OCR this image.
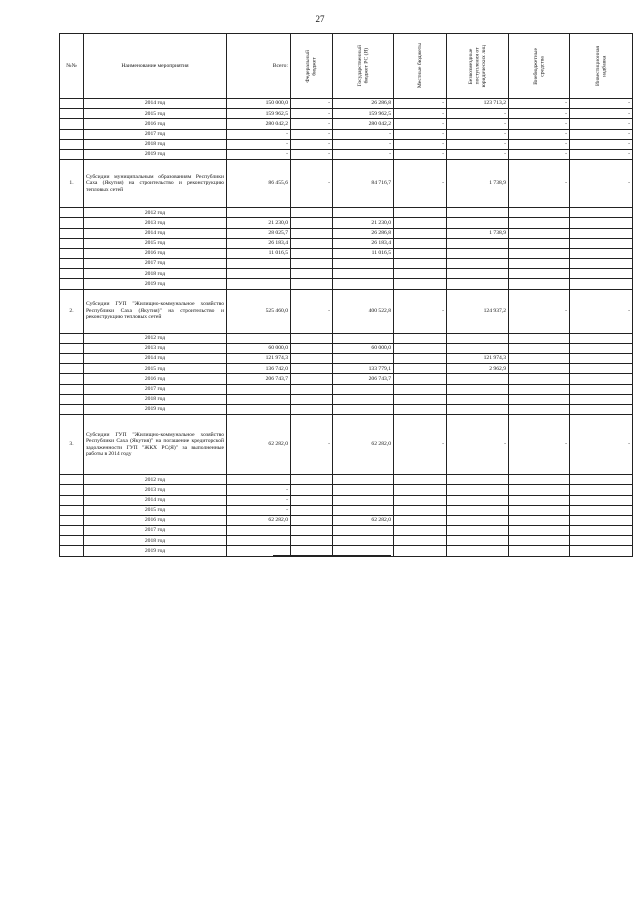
27
№№	Наименование мероприятия	Всего:	Федеральный
бюджет	Государственный
бюджет РС (Я)	Местные бюджеты	Безвозмездные
поступления от
юридических лиц	Внебюджетные
средства	Инвестиционная
надбавка

	2014 год	150 000,0	-	26 286,8	-	123 713,2	-	-
	2015 год	159 962,5	-	159 962,5	-	-	-	-
	2016 год	280 042,2	-	280 042,2	-	-	-	-
	2017 год	-	-	-	-	-	-	-
	2018 год	-	-	-	-	-	-	-
	2019 год	-	-	-	-	-	-	-
1.	Субсидии муниципальным образованиям Республики Саха (Якутия) на строительство и реконструкцию тепловых сетей	86 455,6	-	84 716,7	-	1 738,9	-	-
	2012 год							
	2013 год	21 230,0		21 230,0				
	2014 год	28 025,7		26 286,8		1 738,9		
	2015 год	26 183,4		26 183,4				
	2016 год	11 016,5		11 016,5				
	2017 год							
	2018 год							
	2019 год							
2.	Субсидии ГУП "Жилищно-коммунальное хозяйство Республики Саха (Якутия)" на строительство и реконструкцию тепловых сетей	525 460,0	-	400 522,8	-	124 937,2	-	-
	2012 год							
	2013 год	60 000,0		60 000,0				
	2014 год	121 974,3				121 974,3		
	2015 год	136 742,0		133 779,1		2 962,9		
	2016 год	206 743,7		206 743,7				
	2017 год							
	2018 год							
	2019 год							
3.	Субсидии ГУП "Жилищно-коммунальное хозяйство Республики Саха (Якутия)" на погашение кредиторской задолженности ГУП "ЖКХ РС(Я)" за выполненные работы в 2014 году	62 282,0	-	62 282,0	-	-	-	-
	2012 год							
	2013 год	-						
	2014 год	-						
	2015 год	-						
	2016 год	62 282,0		62 282,0				
	2017 год							
	2018 год							
	2019 год							
